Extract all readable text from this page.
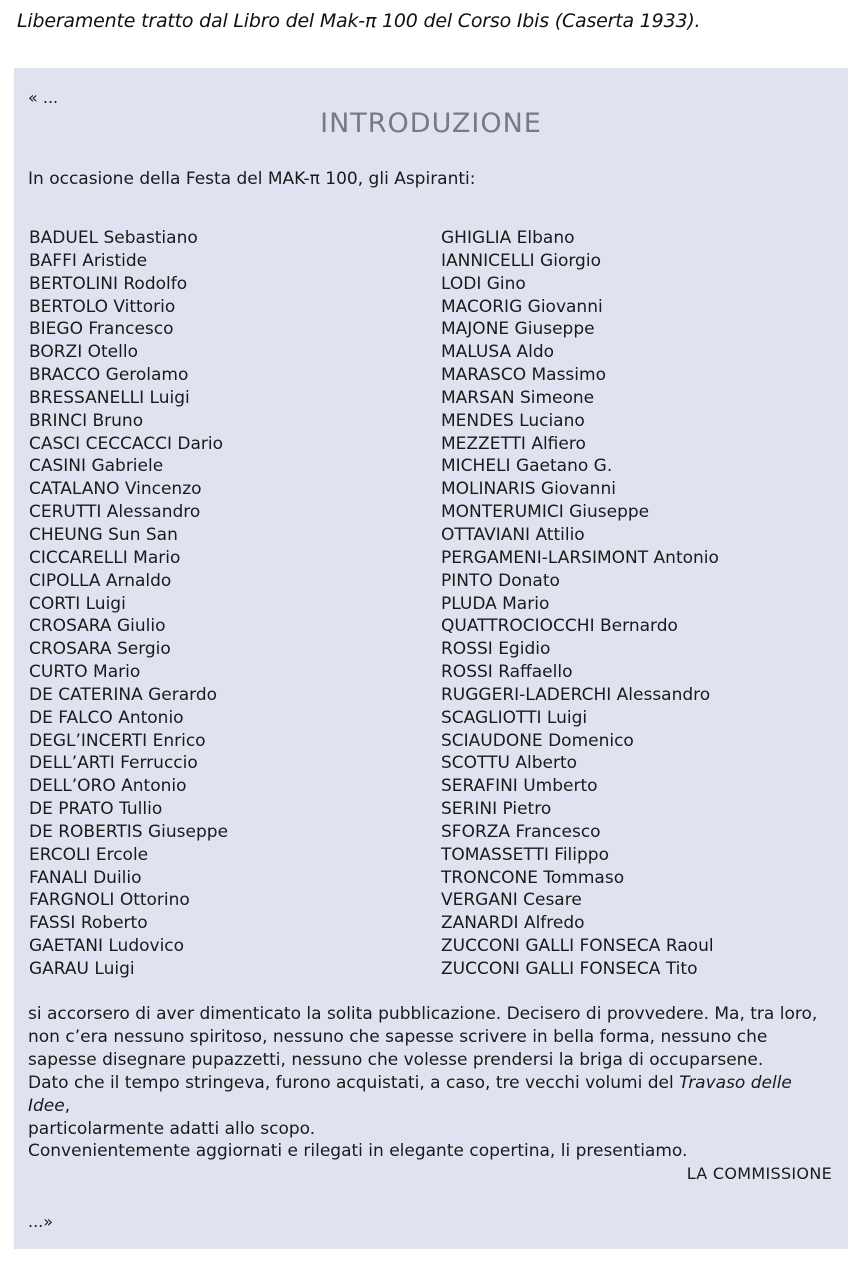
Liberamente tratto dal Libro del Mak-π 100 del Corso Ibis (Caserta 1933).
« ...
INTRODUZIONE
In occasione della Festa del MAK-π 100, gli Aspiranti:
BADUEL Sebastiano
BAFFI Aristide
BERTOLINI Rodolfo
BERTOLO Vittorio
BIEGO Francesco
BORZI Otello
BRACCO Gerolamo
BRESSANELLI Luigi
BRINCI Bruno
CASCI CECCACCI Dario
CASINI Gabriele
CATALANO Vincenzo
CERUTTI Alessandro
CHEUNG Sun San
CICCARELLI Mario
CIPOLLA Arnaldo
CORTI Luigi
CROSARA Giulio
CROSARA Sergio
CURTO Mario
DE CATERINA Gerardo
DE FALCO Antonio
DEGL’INCERTI Enrico
DELL’ARTI Ferruccio
DELL’ORO Antonio
DE PRATO Tullio
DE ROBERTIS Giuseppe
ERCOLI Ercole
FANALI Duilio
FARGNOLI Ottorino
FASSI Roberto
GAETANI Ludovico
GARAU Luigi
GHIGLIA Elbano
IANNICELLI Giorgio
LODI Gino
MACORIG Giovanni
MAJONE Giuseppe
MALUSA Aldo
MARASCO Massimo
MARSAN Simeone
MENDES Luciano
MEZZETTI Alfiero
MICHELI Gaetano G.
MOLINARIS Giovanni
MONTERUMICI Giuseppe
OTTAVIANI Attilio
PERGAMENI-LARSIMONT Antonio
PINTO Donato
PLUDA Mario
QUATTROCIOCCHI Bernardo
ROSSI Egidio
ROSSI Raffaello
RUGGERI-LADERCHI Alessandro
SCAGLIOTTI Luigi
SCIAUDONE Domenico
SCOTTU Alberto
SERAFINI Umberto
SERINI Pietro
SFORZA Francesco
TOMASSETTI Filippo
TRONCONE Tommaso
VERGANI Cesare
ZANARDI Alfredo
ZUCCONI GALLI FONSECA Raoul
ZUCCONI GALLI FONSECA Tito

si accorsero di aver dimenticato la solita pubblicazione. Decisero di provvedere. Ma, tra loro, non c’era nessuno spiritoso, nessuno che sapesse scrivere in bella forma, nessuno che sapesse disegnare pupazzetti, nessuno che volesse prendersi la briga di occuparsene.

Dato che il tempo stringeva, furono acquistati, a caso, tre vecchi volumi del Travaso delle Idee,
particolarmente adatti allo scopo.

Convenientemente aggiornati e rilegati in elegante copertina, li presentiamo.

LA COMMISSIONE
...»
